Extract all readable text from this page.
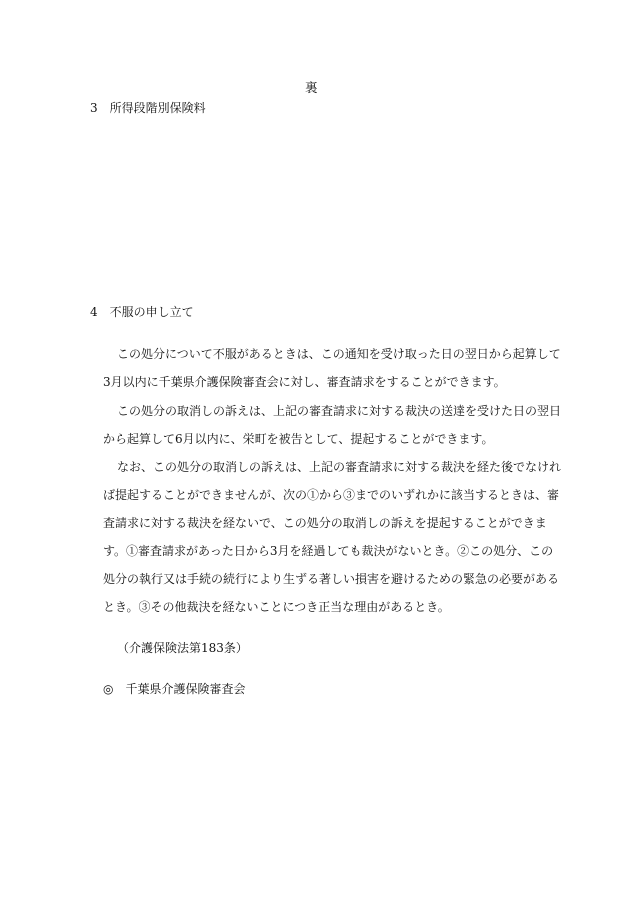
裏

3　所得段階別保険料

4　不服の申し立て

この処分について不服があるときは、この通知を受け取った日の翌日から起算して

3月以内に千葉県介護保険審査会に対し、審査請求をすることができます。

この処分の取消しの訴えは、上記の審査請求に対する裁決の送達を受けた日の翌日

から起算して6月以内に、栄町を被告として、提起することができます。

なお、この処分の取消しの訴えは、上記の審査請求に対する裁決を経た後でなけれ

ば提起することができませんが、次の①から③までのいずれかに該当するときは、審

査請求に対する裁決を経ないで、この処分の取消しの訴えを提起することができま

す。①審査請求があった日から3月を経過しても裁決がないとき。②この処分、この

処分の執行又は手続の続行により生ずる著しい損害を避けるための緊急の必要がある

とき。③その他裁決を経ないことにつき正当な理由があるとき。

（介護保険法第183条）

◎　千葉県介護保険審査会
